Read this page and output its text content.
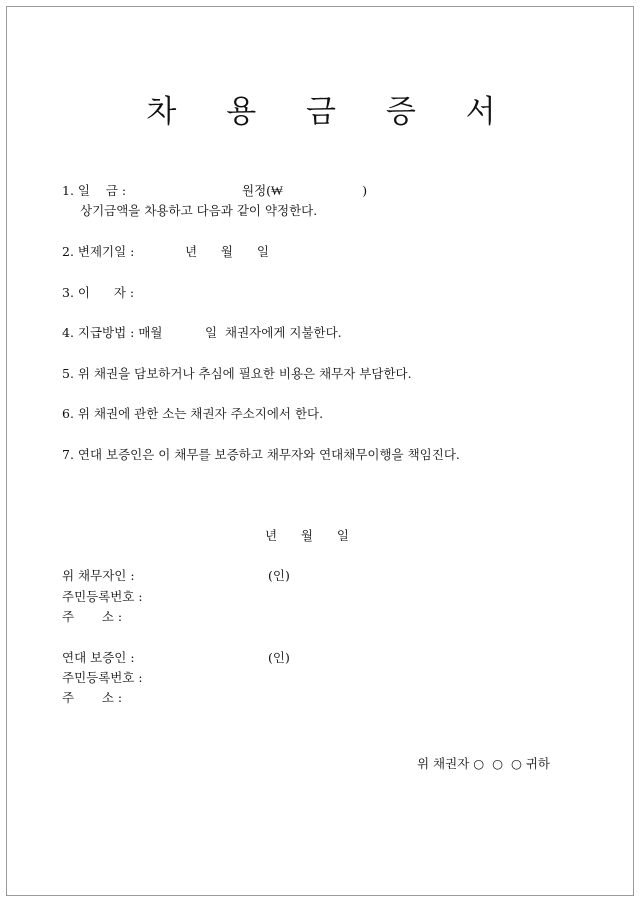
차 용 금 증 서
1. 일    금 :	원정(₩                    )
상기금액을 차용하고 다음과 같이 약정한다.
2. 변제기일 :	년      월      일
3. 이      자 :
4. 지급방법 : 매월	일  채권자에게 지불한다.
5. 위 채권을 담보하거나 추심에 필요한 비용은 채무자 부담한다.
6. 위 채권에 관한 소는 채권자 주소지에서 한다.
7. 연대 보증인은 이 채무를 보증하고 채무자와 연대채무이행을 책임진다.
년      월      일
위 채무자인 :	(인)
주민등록번호 :
주       소 :
연대 보증인 :	(인)
주민등록번호 :
주       소 :
위 채권자 ○  ○  ○ 귀하
